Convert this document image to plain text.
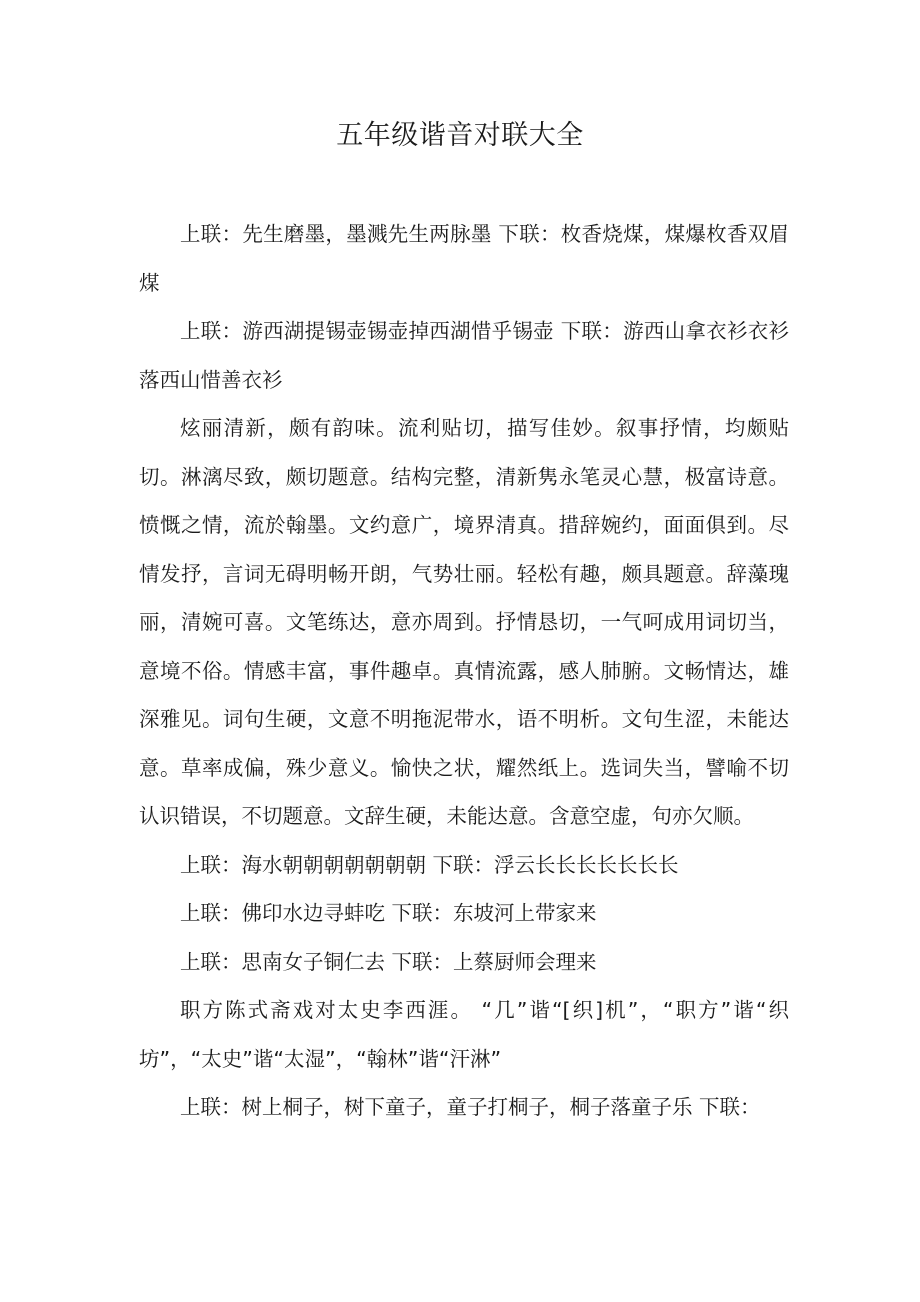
五年级谐音对联大全

上联：先生磨墨，墨溅先生两脉墨 下联：枚香烧煤，煤爆枚香双眉煤

上联：游西湖提锡壶锡壶掉西湖惜乎锡壶 下联：游西山拿衣衫衣衫落西山惜善衣衫

炫丽清新，颇有韵味。流利贴切，描写佳妙。叙事抒情，均颇贴切。淋漓尽致，颇切题意。结构完整，清新隽永笔灵心慧，极富诗意。愤慨之情，流於翰墨。文约意广，境界清真。措辞婉约，面面俱到。尽情发抒，言词无碍明畅开朗，气势壮丽。轻松有趣，颇具题意。辞藻瑰丽，清婉可喜。文笔练达，意亦周到。抒情恳切，一气呵成用词切当，意境不俗。情感丰富，事件趣卓。真情流露，感人肺腑。文畅情达，雄深雅见。词句生硬，文意不明拖泥带水，语不明析。文句生涩，未能达意。草率成偏，殊少意义。愉快之状，耀然纸上。选词失当，譬喻不切认识错误，不切题意。文辞生硬，未能达意。含意空虚，句亦欠顺。

上联：海水朝朝朝朝朝朝朝 下联：浮云长长长长长长长

上联：佛印水边寻蚌吃 下联：东坡河上带家来

上联：思南女子铜仁去 下联：上蔡厨师会理来

职方陈式斋戏对太史李西涯。 “几”谐“[织]机”，“职方”谐“织坊”，“太史”谐“太湿”，“翰林”谐“汗淋”

上联：树上桐子，树下童子，童子打桐子，桐子落童子乐 下联：
